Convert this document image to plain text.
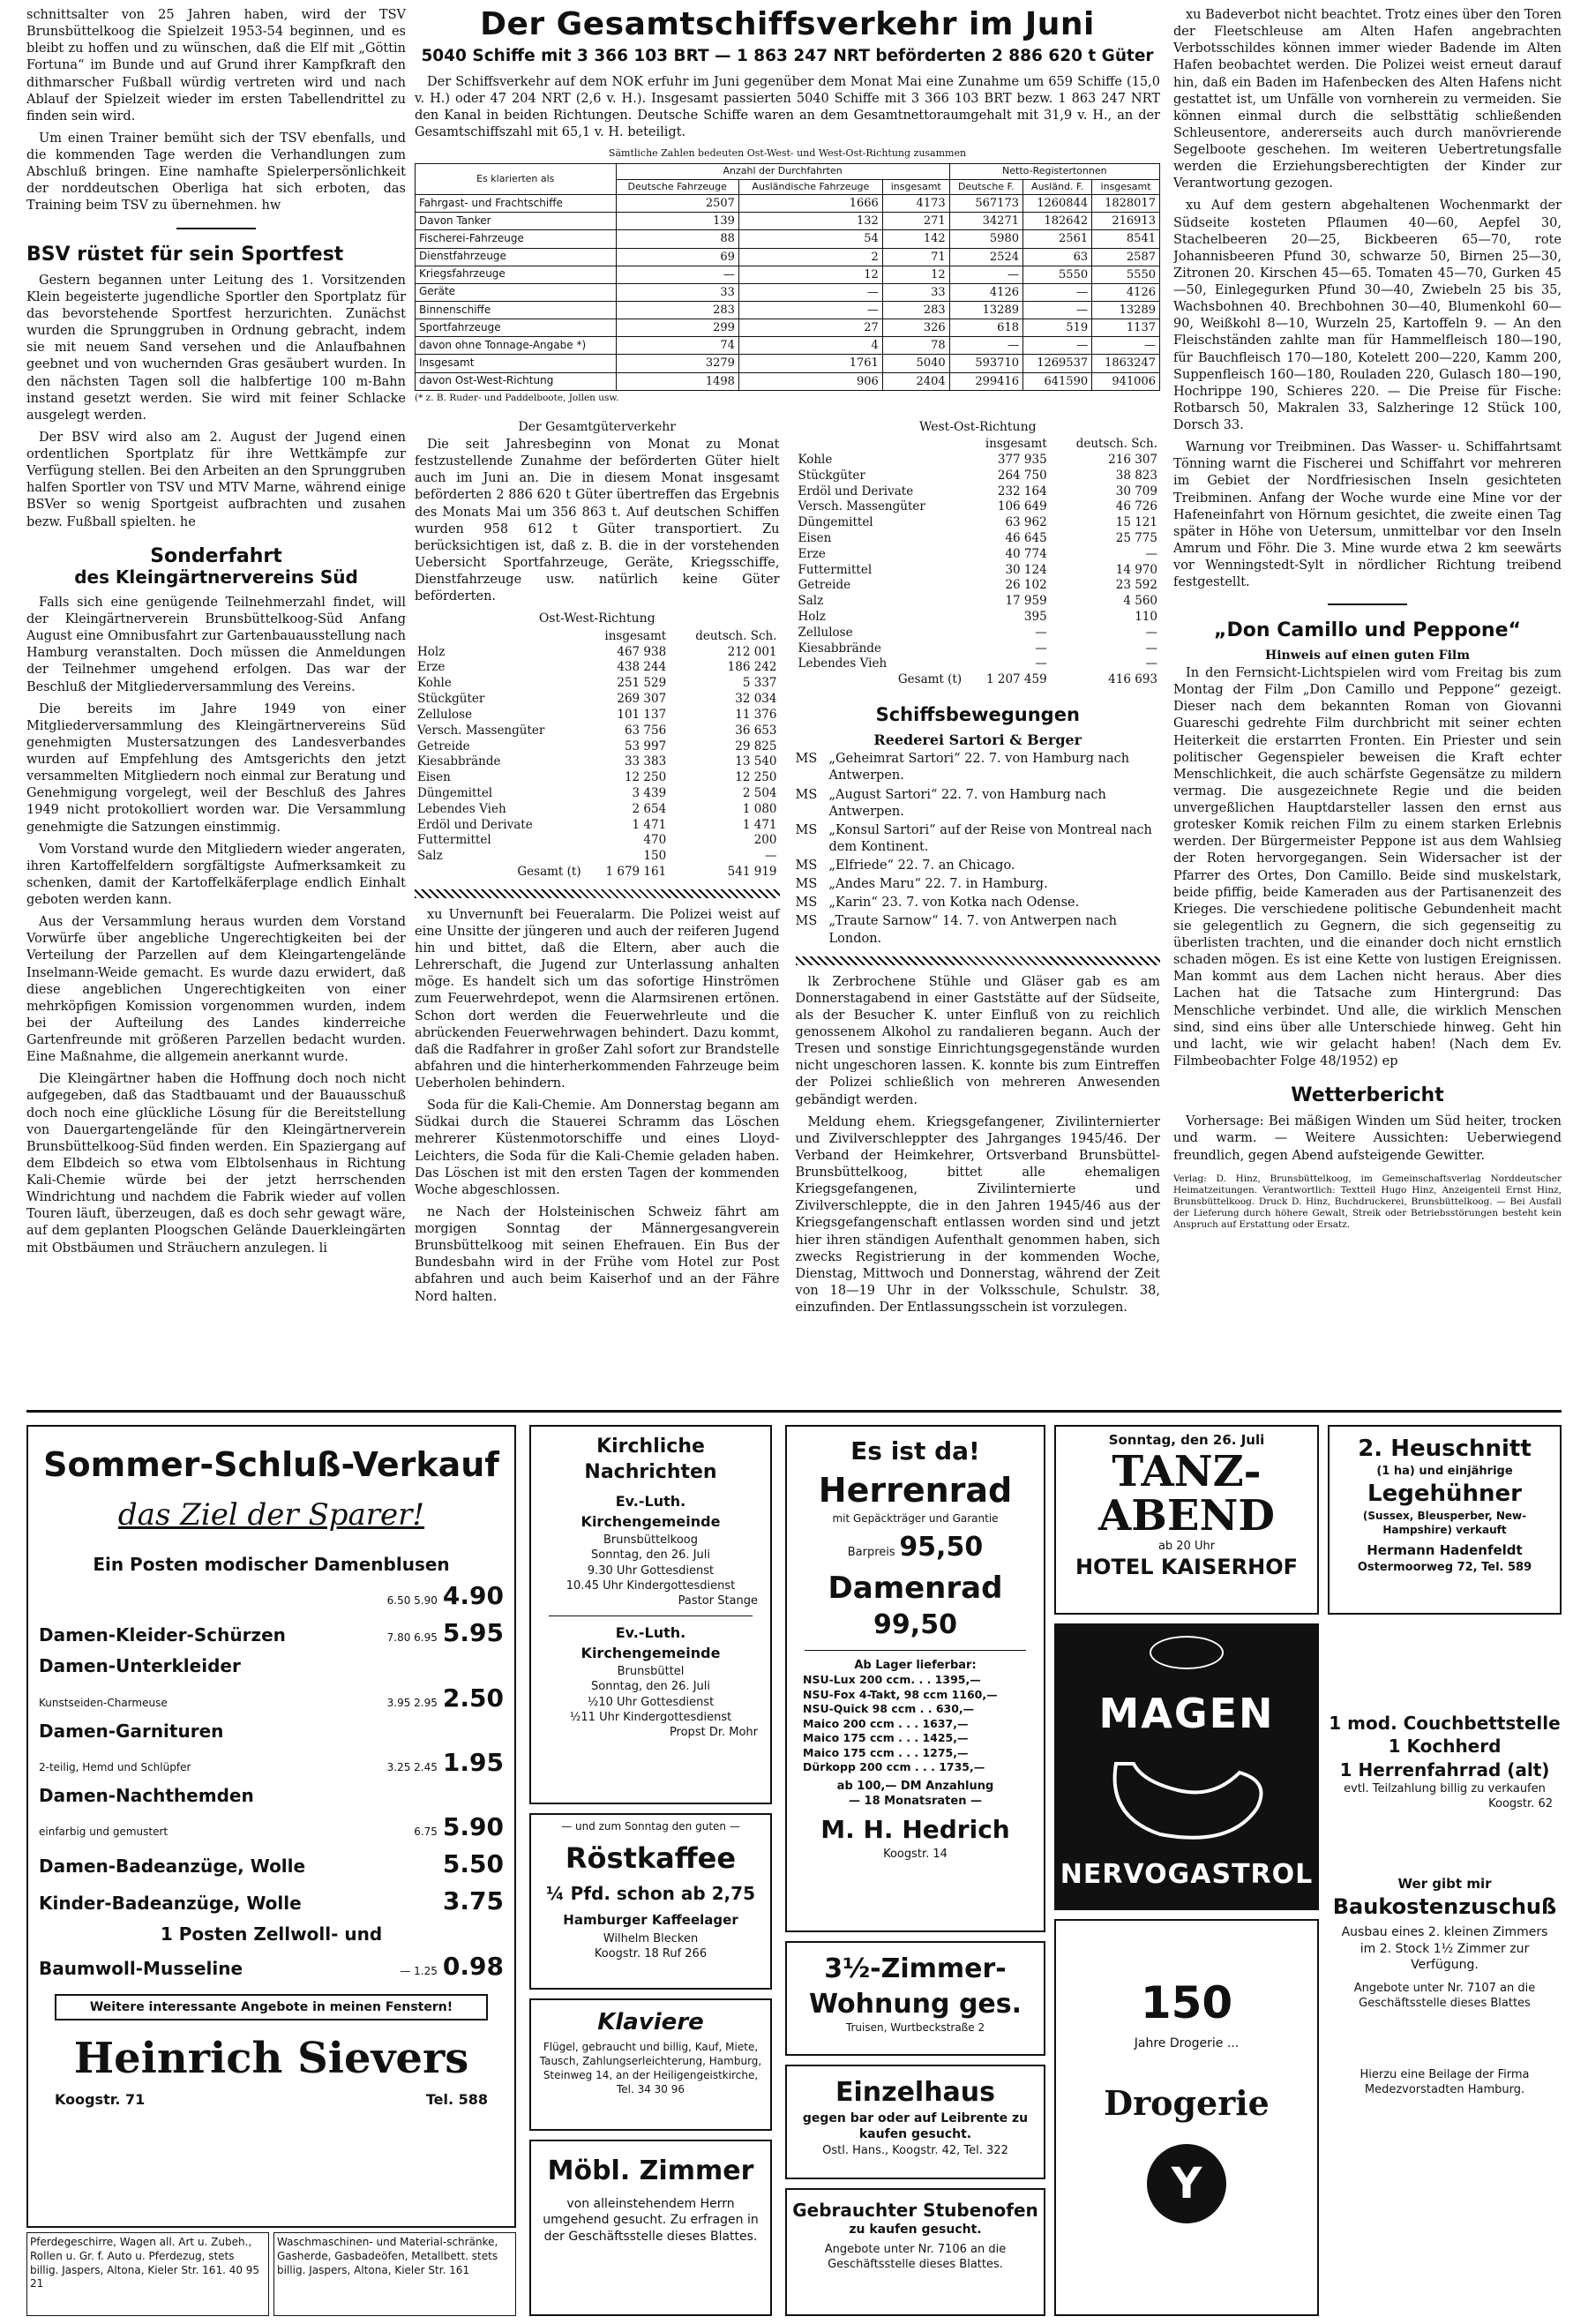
schnittsalter von 25 Jahren haben, wird der TSV Brunsbüttelkoog die Spielzeit 1953-54 beginnen, und es bleibt zu hoffen und zu wünschen, daß die Elf mit „Göttin Fortuna“ im Bunde und auf Grund ihrer Kampfkraft den dithmarscher Fußball würdig vertreten wird und nach Ablauf der Spielzeit wieder im ersten Tabellendrittel zu finden sein wird.

Um einen Trainer bemüht sich der TSV ebenfalls, und die kommenden Tage werden die Verhandlungen zum Abschluß bringen. Eine namhafte Spielerpersönlichkeit der norddeutschen Oberliga hat sich erboten, das Training beim TSV zu übernehmen. hw

BSV rüstet für sein Sportfest

Gestern begannen unter Leitung des 1. Vorsitzenden Klein begeisterte jugendliche Sportler den Sportplatz für das bevorstehende Sportfest herzurichten. Zunächst wurden die Sprunggruben in Ordnung gebracht, indem sie mit neuem Sand versehen und die Anlaufbahnen geebnet und von wuchernden Gras gesäubert wurden. In den nächsten Tagen soll die halbfertige 100 m-Bahn instand gesetzt werden. Sie wird mit feiner Schlacke ausgelegt werden.

Der BSV wird also am 2. August der Jugend einen ordentlichen Sportplatz für ihre Wettkämpfe zur Verfügung stellen. Bei den Arbeiten an den Sprunggruben halfen Sportler von TSV und MTV Marne, während einige BSVer so wenig Sportgeist aufbrachten und zusahen bezw. Fußball spielten. he

Sonderfahrt
des Kleingärtnervereins Süd

Falls sich eine genügende Teilnehmerzahl findet, will der Kleingärtnerverein Brunsbüttelkoog-Süd Anfang August eine Omnibusfahrt zur Gartenbauausstellung nach Hamburg veranstalten. Doch müssen die Anmeldungen der Teilnehmer umgehend erfolgen. Das war der Beschluß der Mitgliederversammlung des Vereins.

Die bereits im Jahre 1949 von einer Mitgliederversammlung des Kleingärtnervereins Süd genehmigten Mustersatzungen des Landesverbandes wurden auf Empfehlung des Amtsgerichts den jetzt versammelten Mitgliedern noch einmal zur Beratung und Genehmigung vorgelegt, weil der Beschluß des Jahres 1949 nicht protokolliert worden war. Die Versammlung genehmigte die Satzungen einstimmig.

Vom Vorstand wurde den Mitgliedern wieder angeraten, ihren Kartoffelfeldern sorgfältigste Aufmerksamkeit zu schenken, damit der Kartoffelkäferplage endlich Einhalt geboten werden kann.

Aus der Versammlung heraus wurden dem Vorstand Vorwürfe über angebliche Ungerechtigkeiten bei der Verteilung der Parzellen auf dem Kleingartengelände Inselmann-Weide gemacht. Es wurde dazu erwidert, daß diese angeblichen Ungerechtigkeiten von einer mehrköpfigen Komission vorgenommen wurden, indem bei der Aufteilung des Landes kinderreiche Gartenfreunde mit größeren Parzellen bedacht wurden. Eine Maßnahme, die allgemein anerkannt wurde.

Die Kleingärtner haben die Hoffnung doch noch nicht aufgegeben, daß das Stadtbauamt und der Bauausschuß doch noch eine glückliche Lösung für die Bereitstellung von Dauergartengelände für den Kleingärtnerverein Brunsbüttelkoog-Süd finden werden. Ein Spaziergang auf dem Elbdeich so etwa vom Elbtolsenhaus in Richtung Kali-Chemie würde bei der jetzt herrschenden Windrichtung und nachdem die Fabrik wieder auf vollen Touren läuft, überzeugen, daß es doch sehr gewagt wäre, auf dem geplanten Ploogschen Gelände Dauerkleingärten mit Obstbäumen und Sträuchern anzulegen. li

Der Gesamtschiffsverkehr im Juni
5040 Schiffe mit 3 366 103 BRT — 1 863 247 NRT beförderten 2 886 620 t Güter

Der Schiffsverkehr auf dem NOK erfuhr im Juni gegenüber dem Monat Mai eine Zunahme um 659 Schiffe (15,0 v. H.) oder 47 204 NRT (2,6 v. H.). Insgesamt passierten 5040 Schiffe mit 3 366 103 BRT bezw. 1 863 247 NRT den Kanal in beiden Richtungen. Deutsche Schiffe waren an dem Gesamtnettoraumgehalt mit 31,9 v. H., an der Gesamtschiffszahl mit 65,1 v. H. beteiligt.

Sämtliche Zahlen bedeuten Ost-West- und West-Ost-Richtung zusammen
Es klarierten als	Anzahl der Durchfahrten			Netto-Registertonnen		
	Deutsche Fahrzeuge	Ausländische Fahrzeuge	insgesamt	Deutsche F.	Ausländ. F.	insgesamt
Fahrgast- und Frachtschiffe	2507	1666	4173	567173	1260844	1828017
Davon Tanker	139	132	271	34271	182642	216913
Fischerei-Fahrzeuge	88	54	142	5980	2561	8541
Dienstfahrzeuge	69	2	71	2524	63	2587
Kriegsfahrzeuge	—	12	12	—	5550	5550
Geräte	33	—	33	4126	—	4126
Binnenschiffe	283	—	283	13289	—	13289
Sportfahrzeuge	299	27	326	618	519	1137
davon ohne Tonnage-Angabe *)	74	4	78	—	—	—
Insgesamt	3279	1761	5040	593710	1269537	1863247
davon Ost-West-Richtung	1498	906	2404	299416	641590	941006
(* z. B. Ruder- und Paddelboote, Jollen usw.
Der Gesamtgüterverkehr

Die seit Jahresbeginn von Monat zu Monat festzustellende Zunahme der beförderten Güter hielt auch im Juni an. Die in diesem Monat insgesamt beförderten 2 886 620 t Güter übertreffen das Ergebnis des Monats Mai um 356 863 t. Auf deutschen Schiffen wurden 958 612 t Güter transportiert. Zu berücksichtigen ist, daß z. B. die in der vorstehenden Uebersicht Sportfahrzeuge, Geräte, Kriegsschiffe, Dienstfahrzeuge usw. natürlich keine Güter beförderten.

Ost-West-Richtung
	insgesamt	deutsch. Sch.
Holz	467 938	212 001
Erze	438 244	186 242
Kohle	251 529	5 337
Stückgüter	269 307	32 034
Zellulose	101 137	11 376
Versch. Massengüter	63 756	36 653
Getreide	53 997	29 825
Kiesabbrände	33 383	13 540
Eisen	12 250	12 250
Düngemittel	3 439	2 504
Lebendes Vieh	2 654	1 080
Erdöl und Derivate	1 471	1 471
Futtermittel	470	200
Salz	150	—
Gesamt (t)	1 679 161	541 919

xu Unvernunft bei Feueralarm. Die Polizei weist auf eine Unsitte der jüngeren und auch der reiferen Jugend hin und bittet, daß die Eltern, aber auch die Lehrerschaft, die Jugend zur Unterlassung anhalten möge. Es handelt sich um das sofortige Hinströmen zum Feuerwehrdepot, wenn die Alarmsirenen ertönen. Schon dort werden die Feuerwehrleute und die abrückenden Feuerwehrwagen behindert. Dazu kommt, daß die Radfahrer in großer Zahl sofort zur Brandstelle abfahren und die hinterherkommenden Fahrzeuge beim Ueberholen behindern.

Soda für die Kali-Chemie. Am Donnerstag begann am Südkai durch die Stauerei Schramm das Löschen mehrerer Küstenmotorschiffe und eines Lloyd-Leichters, die Soda für die Kali-Chemie geladen haben. Das Löschen ist mit den ersten Tagen der kommenden Woche abgeschlossen.

ne Nach der Holsteinischen Schweiz fährt am morgigen Sonntag der Männergesangverein Brunsbüttelkoog mit seinen Ehefrauen. Ein Bus der Bundesbahn wird in der Frühe vom Hotel zur Post abfahren und auch beim Kaiserhof und an der Fähre Nord halten.

West-Ost-Richtung
	insgesamt	deutsch. Sch.
Kohle	377 935	216 307
Stückgüter	264 750	38 823
Erdöl und Derivate	232 164	30 709
Versch. Massengüter	106 649	46 726
Düngemittel	63 962	15 121
Eisen	46 645	25 775
Erze	40 774	—
Futtermittel	30 124	14 970
Getreide	26 102	23 592
Salz	17 959	4 560
Holz	395	110
Zellulose	—	—
Kiesabbrände	—	—
Lebendes Vieh	—	—
Gesamt (t)	1 207 459	416 693
Schiffsbewegungen
Reederei Sartori & Berger

MS „Geheimrat Sartori“ 22. 7. von Hamburg nach Antwerpen.

MS „August Sartori“ 22. 7. von Hamburg nach Antwerpen.

MS „Konsul Sartori“ auf der Reise von Montreal nach dem Kontinent.

MS „Elfriede“ 22. 7. an Chicago.

MS „Andes Maru“ 22. 7. in Hamburg.

MS „Karin“ 23. 7. von Kotka nach Odense.

MS „Traute Sarnow“ 14. 7. von Antwerpen nach London.

lk Zerbrochene Stühle und Gläser gab es am Donnerstagabend in einer Gaststätte auf der Südseite, als der Besucher K. unter Einfluß von zu reichlich genossenem Alkohol zu randalieren begann. Auch der Tresen und sonstige Einrichtungsgegenstände wurden nicht ungeschoren lassen. K. konnte bis zum Eintreffen der Polizei schließlich von mehreren Anwesenden gebändigt werden.

Meldung ehem. Kriegsgefangener, Zivilinternierter und Zivilverschleppter des Jahrganges 1945/46. Der Verband der Heimkehrer, Ortsverband Brunsbüttel-Brunsbüttelkoog, bittet alle ehemaligen Kriegsgefangenen, Zivilinternierte und Zivilverschleppte, die in den Jahren 1945/46 aus der Kriegsgefangenschaft entlassen worden sind und jetzt hier ihren ständigen Aufenthalt genommen haben, sich zwecks Registrierung in der kommenden Woche, Dienstag, Mittwoch und Donnerstag, während der Zeit von 18—19 Uhr in der Volksschule, Schulstr. 38, einzufinden. Der Entlassungsschein ist vorzulegen.

xu Badeverbot nicht beachtet. Trotz eines über den Toren der Fleetschleuse am Alten Hafen angebrachten Verbotsschildes können immer wieder Badende im Alten Hafen beobachtet werden. Die Polizei weist erneut darauf hin, daß ein Baden im Hafenbecken des Alten Hafens nicht gestattet ist, um Unfälle von vornherein zu vermeiden. Sie können einmal durch die selbsttätig schließenden Schleusentore, andererseits auch durch manövrierende Segelboote geschehen. Im weiteren Uebertretungsfalle werden die Erziehungsberechtigten der Kinder zur Verantwortung gezogen.

xu Auf dem gestern abgehaltenen Wochenmarkt der Südseite kosteten Pflaumen 40—60, Aepfel 30, Stachelbeeren 20—25, Bickbeeren 65—70, rote Johannisbeeren Pfund 30, schwarze 50, Birnen 25—30, Zitronen 20. Kirschen 45—65. Tomaten 45—70, Gurken 45—50, Einlegegurken Pfund 30—40, Zwiebeln 25 bis 35, Wachsbohnen 40. Brechbohnen 30—40, Blumenkohl 60—90, Weißkohl 8—10, Wurzeln 25, Kartoffeln 9. — An den Fleischständen zahlte man für Hammelfleisch 180—190, für Bauchfleisch 170—180, Kotelett 200—220, Kamm 200, Suppenfleisch 160—180, Rouladen 220, Gulasch 180—190, Hochrippe 190, Schieres 220. — Die Preise für Fische: Rotbarsch 50, Makralen 33, Salzheringe 12 Stück 100, Dorsch 33.

Warnung vor Treibminen. Das Wasser- u. Schiffahrtsamt Tönning warnt die Fischerei und Schiffahrt vor mehreren im Gebiet der Nordfriesischen Inseln gesichteten Treibminen. Anfang der Woche wurde eine Mine vor der Hafeneinfahrt von Hörnum gesichtet, die zweite einen Tag später in Höhe von Uetersum, unmittelbar vor den Inseln Amrum und Föhr. Die 3. Mine wurde etwa 2 km seewärts vor Wenningstedt-Sylt in nördlicher Richtung treibend festgestellt.

„Don Camillo und Peppone“
Hinweis auf einen guten Film

In den Fernsicht-Lichtspielen wird vom Freitag bis zum Montag der Film „Don Camillo und Peppone“ gezeigt. Dieser nach dem bekannten Roman von Giovanni Guareschi gedrehte Film durchbricht mit seiner echten Heiterkeit die erstarrten Fronten. Ein Priester und sein politischer Gegenspieler beweisen die Kraft echter Menschlichkeit, die auch schärfste Gegensätze zu mildern vermag. Die ausgezeichnete Regie und die beiden unvergeßlichen Hauptdarsteller lassen den ernst aus grotesker Komik reichen Film zu einem starken Erlebnis werden. Der Bürgermeister Peppone ist aus dem Wahlsieg der Roten hervorgegangen. Sein Widersacher ist der Pfarrer des Ortes, Don Camillo. Beide sind muskelstark, beide pfiffig, beide Kameraden aus der Partisanenzeit des Krieges. Die verschiedene politische Gebundenheit macht sie gelegentlich zu Gegnern, die sich gegenseitig zu überlisten trachten, und die einander doch nicht ernstlich schaden mögen. Es ist eine Kette von lustigen Ereignissen. Man kommt aus dem Lachen nicht heraus. Aber dies Lachen hat die Tatsache zum Hintergrund: Das Menschliche verbindet. Und alle, die wirklich Menschen sind, sind eins über alle Unterschiede hinweg. Geht hin und lacht, wie wir gelacht haben! (Nach dem Ev. Filmbeobachter Folge 48/1952) ep

Wetterbericht

Vorhersage: Bei mäßigen Winden um Süd heiter, trocken und warm. — Weitere Aussichten: Ueberwiegend freundlich, gegen Abend aufsteigende Gewitter.

Verlag: D. Hinz, Brunsbüttelkoog, im Gemeinschaftsverlag Norddeutscher Heimatzeitungen. Verantwortlich: Textteil Hugo Hinz, Anzeigenteil Ernst Hinz, Brunsbüttelkoog. Druck D. Hinz, Buchdruckerei, Brunsbüttelkoog. — Bei Ausfall der Lieferung durch höhere Gewalt, Streik oder Betriebsstörungen besteht kein Anspruch auf Erstattung oder Ersatz.

Sommer-Schluß-Verkauf
das Ziel der Sparer!
Ein Posten modischer Damenblusen
6.50 5.90 4.90
Damen-Kleider-Schürzen	7.80 6.95 5.95
Damen-Unterkleider
Kunstseiden-Charmeuse	3.95 2.95 2.50
Damen-Garnituren
2-teilig, Hemd und Schlüpfer	3.25 2.45 1.95
Damen-Nachthemden
einfarbig und gemustert	6.75 5.90
Damen-Badeanzüge, Wolle	5.50
Kinder-Badeanzüge, Wolle	3.75
1 Posten Zellwoll- und
Baumwoll-Musseline	— 1.25 0.98
Weitere interessante Angebote in meinen Fenstern!
Heinrich Sievers
Koogstr. 71	Tel. 588
Pferdegeschirre, Wagen all. Art u. Zubeh., Rollen u. Gr. f. Auto u. Pferdezug, stets billig. Jaspers, Altona, Kieler Str. 161. 40 95 21
Waschmaschinen- und Material-schränke, Gasherde, Gasbadeöfen, Metallbett. stets billig. Jaspers, Altona, Kieler Str. 161
Kirchliche Nachrichten
Ev.-Luth.
Kirchengemeinde
Brunsbüttelkoog
Sonntag, den 26. Juli
9.30 Uhr Gottesdienst
10.45 Uhr Kindergottesdienst
Pastor Stange
Ev.-Luth.
Kirchengemeinde
Brunsbüttel
Sonntag, den 26. Juli
½10 Uhr Gottesdienst
½11 Uhr Kindergottesdienst
Propst Dr. Mohr
— und zum Sonntag den guten —
Röstkaffee
¼ Pfd. schon ab 2,75
Hamburger Kaffeelager
Wilhelm Blecken
Koogstr. 18 Ruf 266
Klaviere
Flügel, gebraucht und billig, Kauf, Miete, Tausch, Zahlungserleichterung, Hamburg, Steinweg 14, an der Heiligengeistkirche, Tel. 34 30 96
Möbl. Zimmer
von alleinstehendem Herrn umgehend gesucht. Zu erfragen in der Geschäftsstelle dieses Blattes.
Es ist da!
Herrenrad
mit Gepäckträger und Garantie
Barpreis 95,50
Damenrad
99,50
Ab Lager lieferbar:
NSU-Lux 200 ccm. . . 1395,—
NSU-Fox 4-Takt, 98 ccm 1160,—
NSU-Quick 98 ccm . . 630,—
Maico 200 ccm . . . 1637,—
Maico 175 ccm . . . 1425,—
Maico 175 ccm . . . 1275,—
Dürkopp 200 ccm . . . 1735,—
ab 100,— DM Anzahlung
— 18 Monatsraten —
M. H. Hedrich
Koogstr. 14
3½-Zimmer-
Wohnung ges.
Truisen, Wurtbeckstraße 2
Einzelhaus
gegen bar oder auf Leibrente zu kaufen gesucht.
Ostl. Hans., Koogstr. 42, Tel. 322
Gebrauchter Stubenofen
zu kaufen gesucht.
Angebote unter Nr. 7106 an die Geschäftsstelle dieses Blattes.
Sonntag, den 26. Juli
TANZ-
ABEND
ab 20 Uhr
HOTEL KAISERHOF
MAGEN
NERVOGASTROL
150
Jahre Drogerie ...
Drogerie
Y
2. Heuschnitt
(1 ha) und einjährige
Legehühner
(Sussex, Bleusperber, New-Hampshire) verkauft
Hermann Hadenfeldt
Ostermoorweg 72, Tel. 589
1 mod. Couchbettstelle
1 Kochherd
1 Herrenfahrrad (alt)
evtl. Teilzahlung billig zu verkaufen
Koogstr. 62
Wer gibt mir
Baukostenzuschuß
Ausbau eines 2. kleinen Zimmers im 2. Stock 1½ Zimmer zur Verfügung.
Angebote unter Nr. 7107 an die Geschäftsstelle dieses Blattes
Hierzu eine Beilage der Firma Medezvorstadten Hamburg.
